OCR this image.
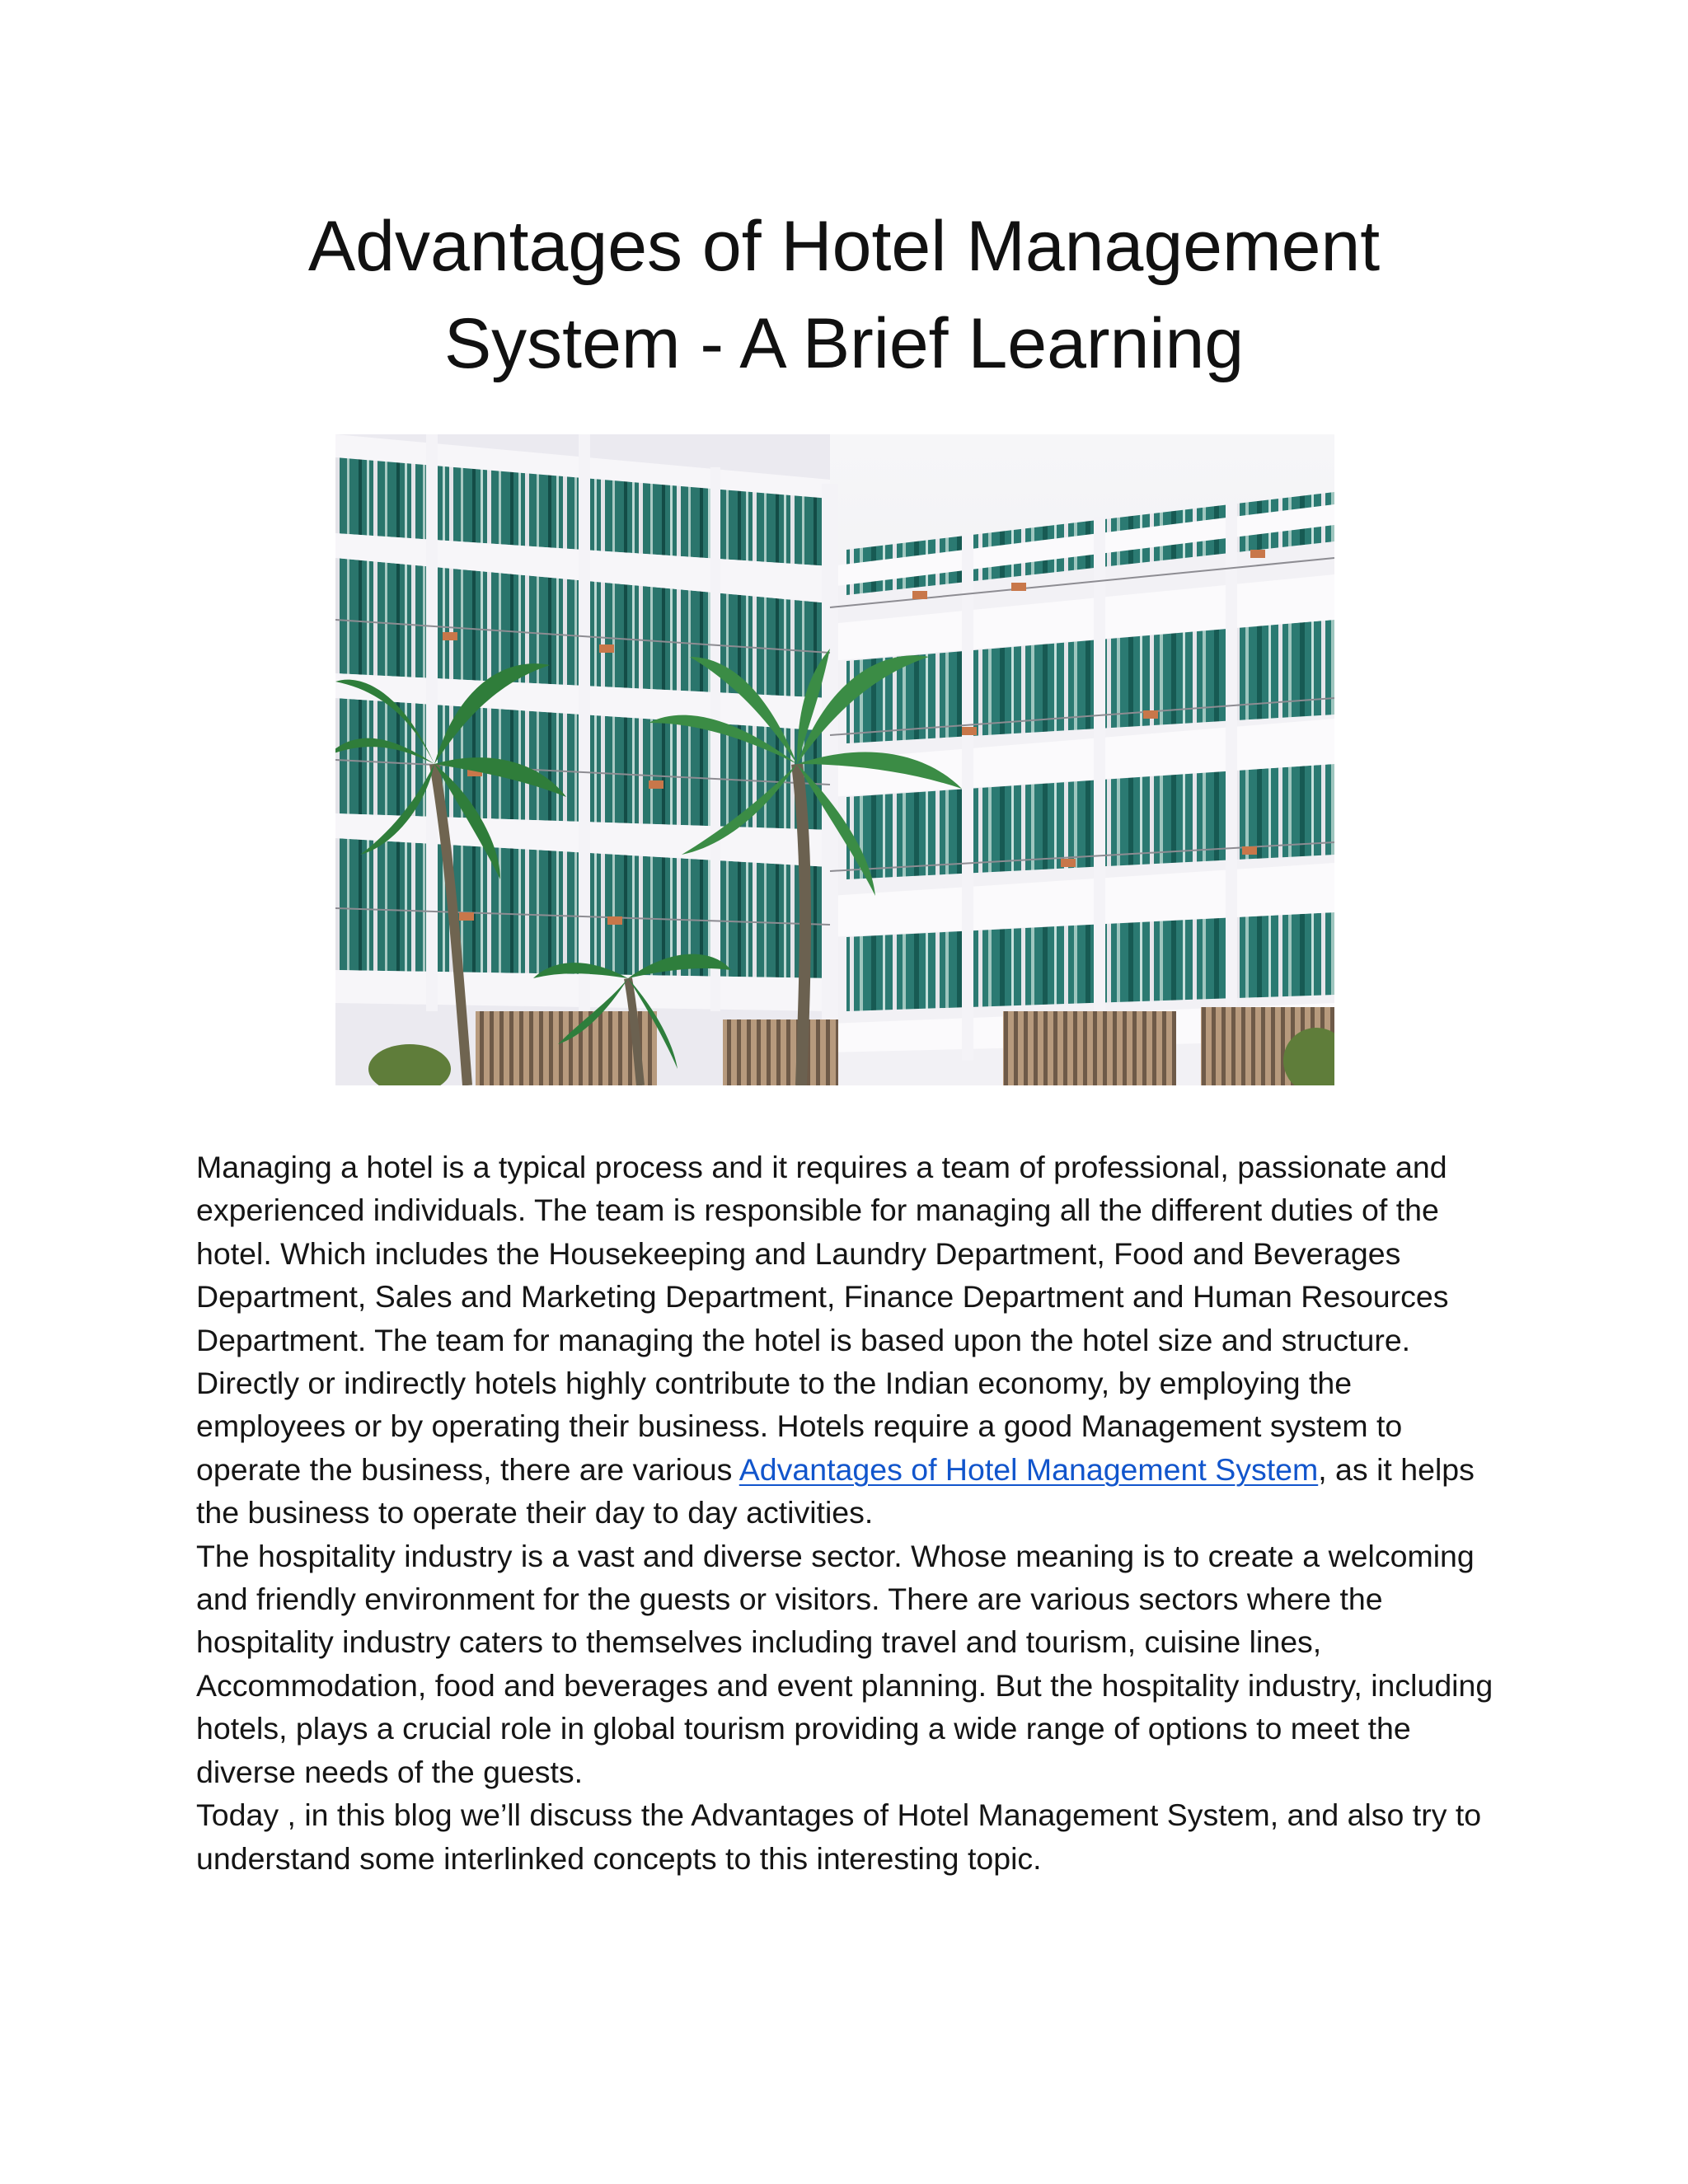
Advantages of Hotel Management
System - A Brief Learning

Managing a hotel is a typical process and it requires a team of professional, passionate and experienced individuals. The team is responsible for managing all the different duties of the hotel. Which includes the Housekeeping and Laundry Department, Food and Beverages Department, Sales and Marketing Department, Finance Department and Human Resources Department. The team for managing the hotel is based upon the hotel size and structure. Directly or indirectly hotels highly contribute to the Indian economy, by employing the employees or by operating their business. Hotels require a good Management system to operate the business, there are various Advantages of Hotel Management System, as it helps the business to operate their day to day activities.

The hospitality industry is a vast and diverse sector. Whose meaning is to create a welcoming and friendly environment for the guests or visitors. There are various sectors where the hospitality industry caters to themselves including travel and tourism, cuisine lines, Accommodation, food and beverages and event planning. But the hospitality industry, including hotels, plays a crucial role in global tourism providing a wide range of options to meet the diverse needs of the guests.

Today , in this blog we’ll discuss the Advantages of Hotel Management System, and also try to understand some interlinked concepts to this interesting topic.
